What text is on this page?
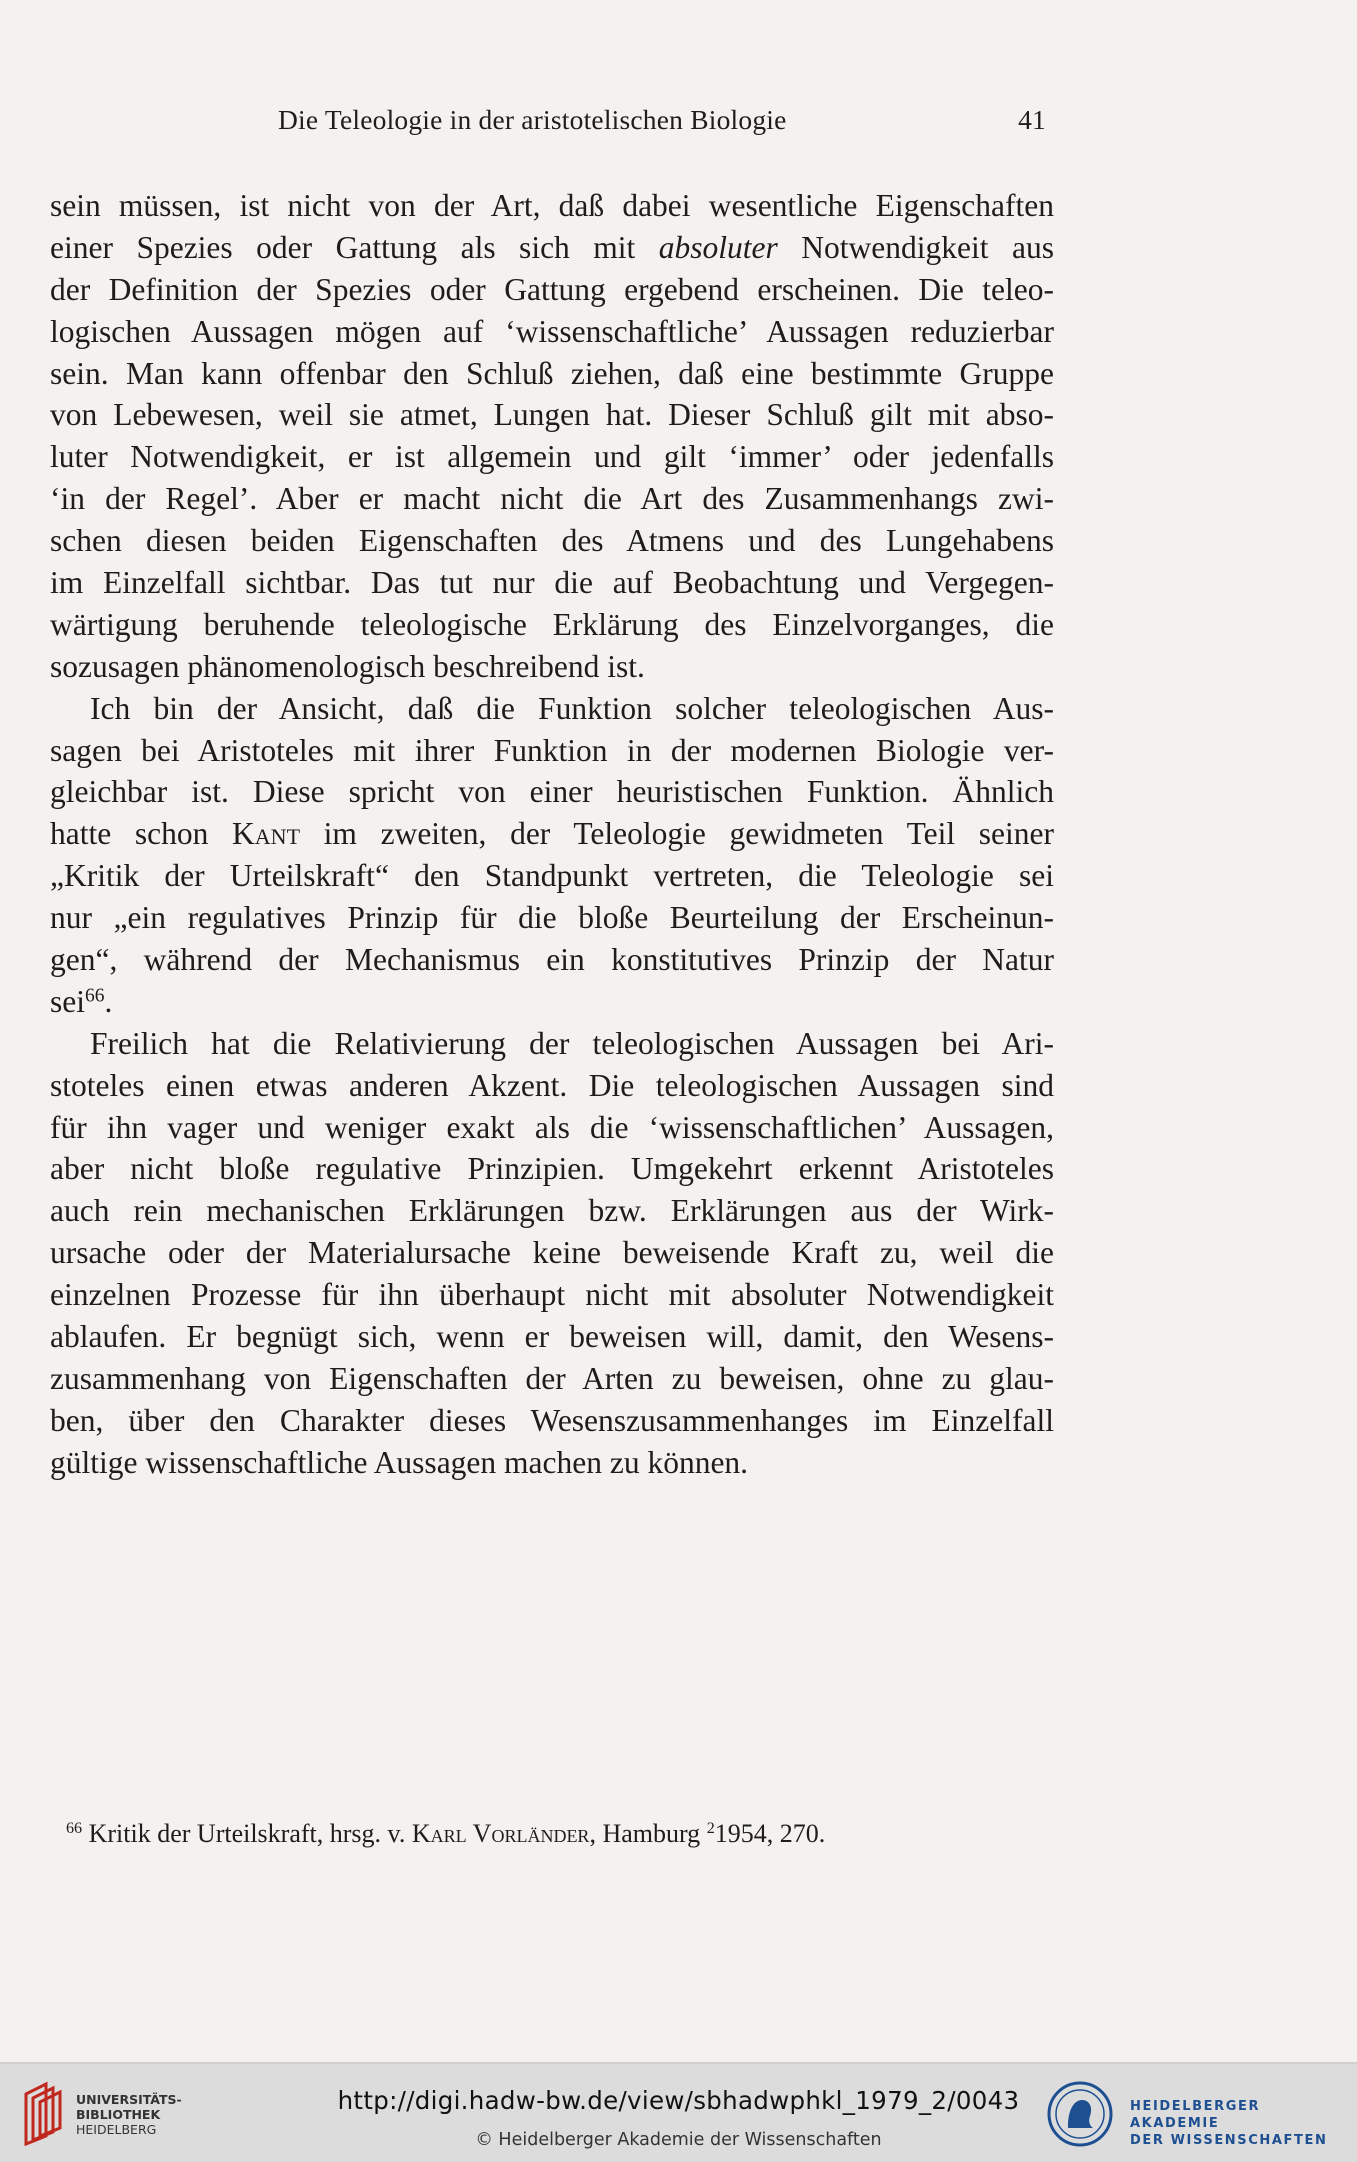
Die Teleologie in der aristotelischen Biologie	41
sein müssen, ist nicht von der Art, daß dabei wesentliche Eigenschaften
einer Spezies oder Gattung als sich mit absoluter Notwendigkeit aus
der Definition der Spezies oder Gattung ergebend erscheinen. Die teleo-
logischen Aussagen mögen auf ‘wissenschaftliche’ Aussagen reduzierbar
sein. Man kann offenbar den Schluß ziehen, daß eine bestimmte Gruppe
von Lebewesen, weil sie atmet, Lungen hat. Dieser Schluß gilt mit abso-
luter Notwendigkeit, er ist allgemein und gilt ‘immer’ oder jedenfalls
‘in der Regel’. Aber er macht nicht die Art des Zusammenhangs zwi-
schen diesen beiden Eigenschaften des Atmens und des Lungehabens
im Einzelfall sichtbar. Das tut nur die auf Beobachtung und Vergegen-
wärtigung beruhende teleologische Erklärung des Einzelvorganges, die
sozusagen phänomenologisch beschreibend ist.
Ich bin der Ansicht, daß die Funktion solcher teleologischen Aus-
sagen bei Aristoteles mit ihrer Funktion in der modernen Biologie ver-
gleichbar ist. Diese spricht von einer heuristischen Funktion. Ähnlich
hatte schon Kant im zweiten, der Teleologie gewidmeten Teil seiner
„Kritik der Urteilskraft“ den Standpunkt vertreten, die Teleologie sei
nur „ein regulatives Prinzip für die bloße Beurteilung der Erscheinun-
gen“, während der Mechanismus ein konstitutives Prinzip der Natur
sei$^{66}$.
Freilich hat die Relativierung der teleologischen Aussagen bei Ari-
stoteles einen etwas anderen Akzent. Die teleologischen Aussagen sind
für ihn vager und weniger exakt als die ‘wissenschaftlichen’ Aussagen,
aber nicht bloße regulative Prinzipien. Umgekehrt erkennt Aristoteles
auch rein mechanischen Erklärungen bzw. Erklärungen aus der Wirk-
ursache oder der Materialursache keine beweisende Kraft zu, weil die
einzelnen Prozesse für ihn überhaupt nicht mit absoluter Notwendigkeit
ablaufen. Er begnügt sich, wenn er beweisen will, damit, den Wesens-
zusammenhang von Eigenschaften der Arten zu beweisen, ohne zu glau-
ben, über den Charakter dieses Wesenszusammenhanges im Einzelfall
gültige wissenschaftliche Aussagen machen zu können.
$^{66}$ Kritik der Urteilskraft, hrsg. v. Karl Vorländer, Hamburg $^2$1954, 270.
UNIVERSITÄTS-
BIBLIOTHEK
HEIDELBERG
http://digi.hadw-bw.de/view/sbhadwphkl_1979_2/0043
© Heidelberger Akademie der Wissenschaften
HEIDELBERGER AKADEMIE
DER WISSENSCHAFTEN
